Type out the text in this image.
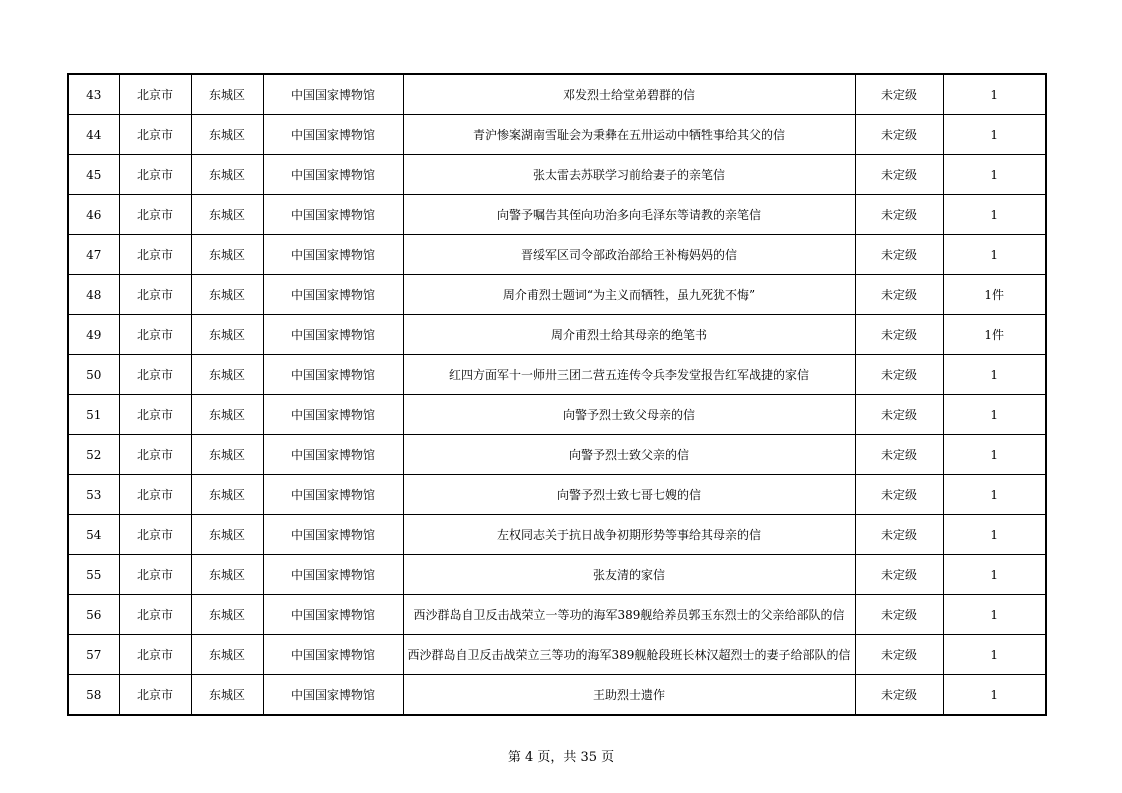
43	北京市	东城区	中国国家博物馆	邓发烈士给堂弟碧群的信	未定级	1
44	北京市	东城区	中国国家博物馆	青沪惨案湖南雪耻会为秉彝在五卅运动中牺牲事给其父的信	未定级	1
45	北京市	东城区	中国国家博物馆	张太雷去苏联学习前给妻子的亲笔信	未定级	1
46	北京市	东城区	中国国家博物馆	向警予嘱告其侄向功治多向毛泽东等请教的亲笔信	未定级	1
47	北京市	东城区	中国国家博物馆	晋绥军区司令部政治部给王补梅妈妈的信	未定级	1
48	北京市	东城区	中国国家博物馆	周介甫烈士题词“为主义而牺牲，虽九死犹不悔”	未定级	1件
49	北京市	东城区	中国国家博物馆	周介甫烈士给其母亲的绝笔书	未定级	1件
50	北京市	东城区	中国国家博物馆	红四方面军十一师卅三团二营五连传令兵李发堂报告红军战捷的家信	未定级	1
51	北京市	东城区	中国国家博物馆	向警予烈士致父母亲的信	未定级	1
52	北京市	东城区	中国国家博物馆	向警予烈士致父亲的信	未定级	1
53	北京市	东城区	中国国家博物馆	向警予烈士致七哥七嫂的信	未定级	1
54	北京市	东城区	中国国家博物馆	左权同志关于抗日战争初期形势等事给其母亲的信	未定级	1
55	北京市	东城区	中国国家博物馆	张友清的家信	未定级	1
56	北京市	东城区	中国国家博物馆	西沙群岛自卫反击战荣立一等功的海军389舰给养员郭玉东烈士的父亲给部队的信	未定级	1
57	北京市	东城区	中国国家博物馆	西沙群岛自卫反击战荣立三等功的海军389舰舱段班长林汉超烈士的妻子给部队的信	未定级	1
58	北京市	东城区	中国国家博物馆	王助烈士遗作	未定级	1
第 4 页，共 35 页
